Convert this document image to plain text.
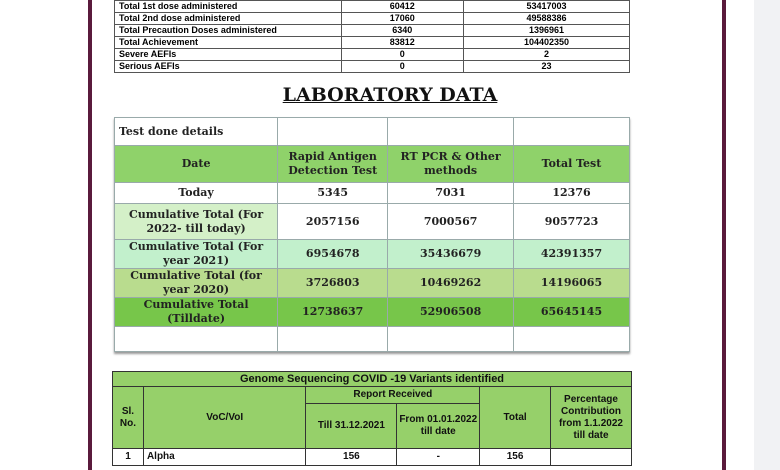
Total 1st dose administered	60412	53417003
Total 2nd dose administered	17060	49588386
Total Precaution Doses administered	6340	1396961
Total Achievement	83812	104402350
Severe AEFIs	0	2
Serious AEFIs	0	23
LABORATORY DATA
Test done details			
Date	Rapid Antigen Detection Test	RT PCR & Other methods	Total Test
Today	5345	7031	12376
Cumulative Total (For 2022- till today)	2057156	7000567	9057723
Cumulative Total (For year 2021)	6954678	35436679	42391357
Cumulative Total (for year 2020)	3726803	10469262	14196065
Cumulative Total (Tilldate)	12738637	52906508	65645145

Genome Sequencing COVID -19 Variants identified					
Sl. No.	VoC/VoI	Report Received		Total	Percentage Contribution from 1.1.2022 till date
		Till 31.12.2021	From 01.01.2022 till date		
1	Alpha	156	-	156	
